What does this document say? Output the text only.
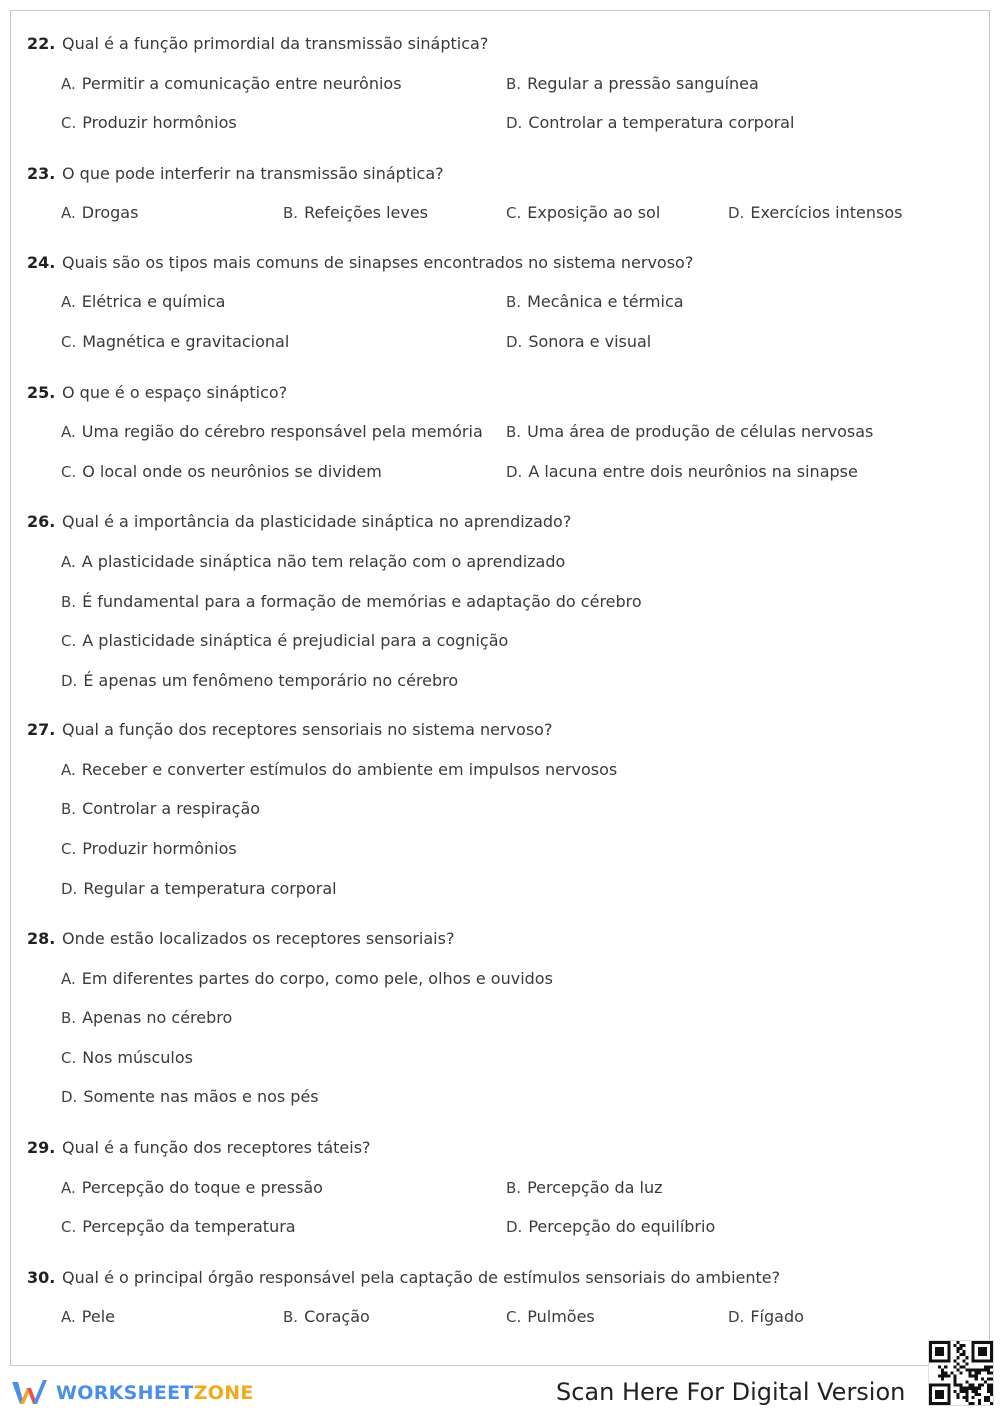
22. Qual é a função primordial da transmissão sináptica?
A. Permitir a comunicação entre neurônios	B. Regular a pressão sanguínea
C. Produzir hormônios	D. Controlar a temperatura corporal
23. O que pode interferir na transmissão sináptica?
A. Drogas	B. Refeições leves	C. Exposição ao sol	D. Exercícios intensos
24. Quais são os tipos mais comuns de sinapses encontrados no sistema nervoso?
A. Elétrica e química	B. Mecânica e térmica
C. Magnética e gravitacional	D. Sonora e visual
25. O que é o espaço sináptico?
A. Uma região do cérebro responsável pela memória B. Uma área de produção de células nervosas
C. O local onde os neurônios se dividem	D. A lacuna entre dois neurônios na sinapse
26. Qual é a importância da plasticidade sináptica no aprendizado?
A. A plasticidade sináptica não tem relação com o aprendizado
B. É fundamental para a formação de memórias e adaptação do cérebro
C. A plasticidade sináptica é prejudicial para a cognição
D. É apenas um fenômeno temporário no cérebro
27. Qual a função dos receptores sensoriais no sistema nervoso?
A. Receber e converter estímulos do ambiente em impulsos nervosos
B. Controlar a respiração
C. Produzir hormônios
D. Regular a temperatura corporal
28. Onde estão localizados os receptores sensoriais?
A. Em diferentes partes do corpo, como pele, olhos e ouvidos
B. Apenas no cérebro
C. Nos músculos
D. Somente nas mãos e nos pés
29. Qual é a função dos receptores táteis?
A. Percepção do toque e pressão	B. Percepção da luz
C. Percepção da temperatura	D. Percepção do equilíbrio
30. Qual é o principal órgão responsável pela captação de estímulos sensoriais do ambiente?
A. Pele	B. Coração	C. Pulmões	D. Fígado
WORKSHEETZONE	Scan Here For Digital Version
